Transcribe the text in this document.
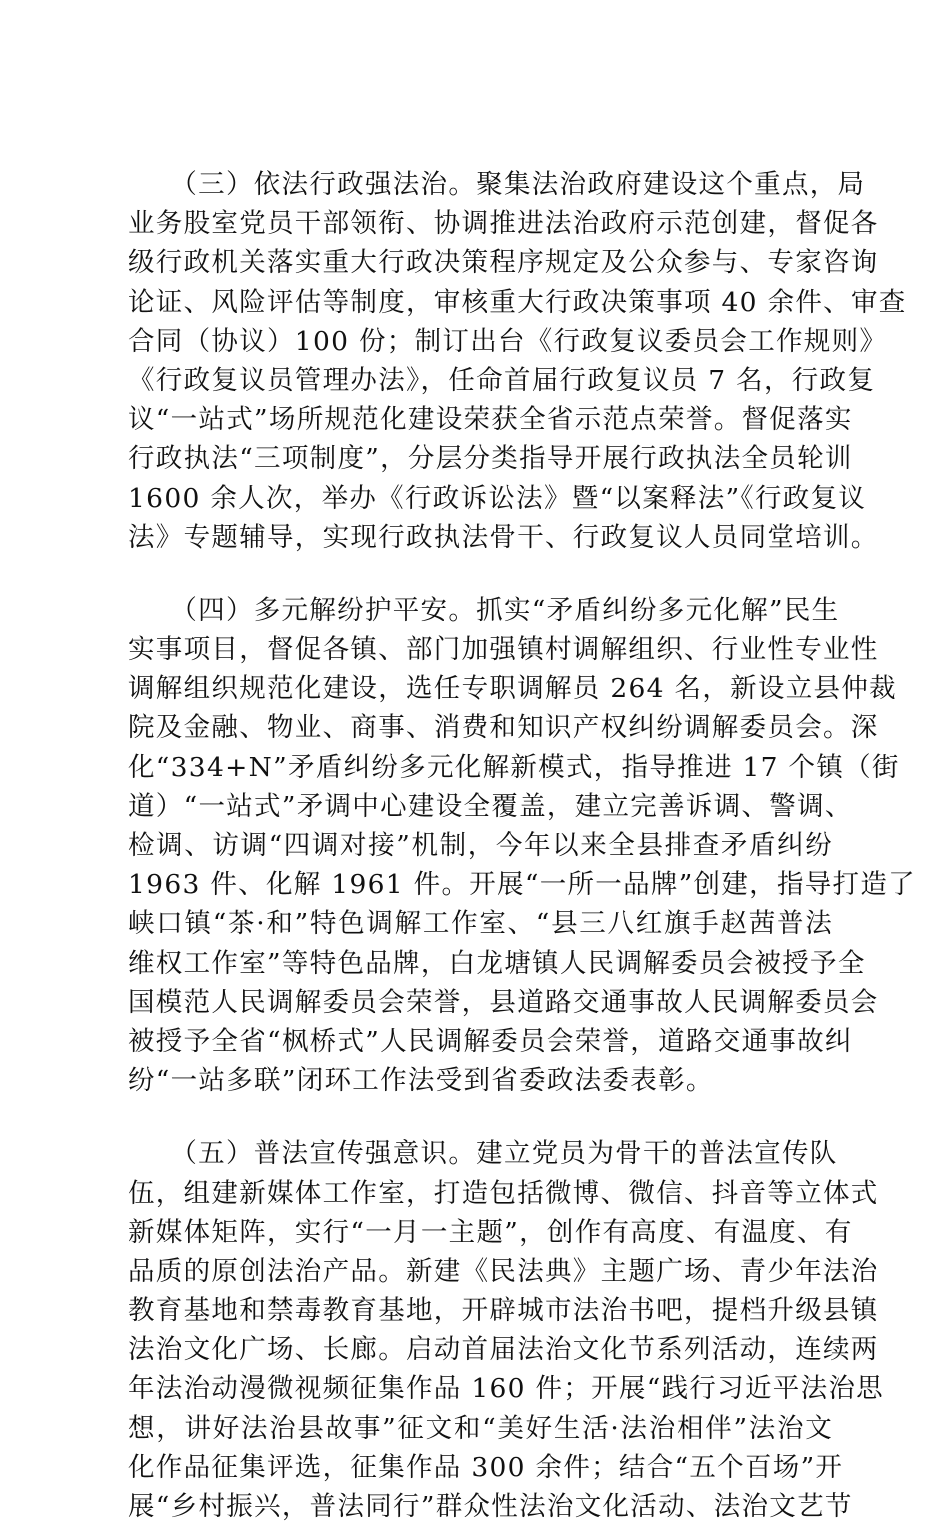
　　（三）依法行政强法治。聚集法治政府建设这个重点，局
业务股室党员干部领衔、协调推进法治政府示范创建，督促各
级行政机关落实重大行政决策程序规定及公众参与、专家咨询
论证、风险评估等制度，审核重大行政决策事项 40 余件、审查
合同（协议）100 份；制订出台《行政复议委员会工作规则》
《行政复议员管理办法》，任命首届行政复议员 7 名，行政复
议“一站式”场所规范化建设荣获全省示范点荣誉。督促落实
行政执法“三项制度”，分层分类指导开展行政执法全员轮训
1600 余人次，举办《行政诉讼法》暨“以案释法”《行政复议
法》专题辅导，实现行政执法骨干、行政复议人员同堂培训。
　　（四）多元解纷护平安。抓实“矛盾纠纷多元化解”民生
实事项目，督促各镇、部门加强镇村调解组织、行业性专业性
调解组织规范化建设，选任专职调解员 264 名，新设立县仲裁
院及金融、物业、商事、消费和知识产权纠纷调解委员会。深
化“334+N”矛盾纠纷多元化解新模式，指导推进 17 个镇（街
道）“一站式”矛调中心建设全覆盖，建立完善诉调、警调、
检调、访调“四调对接”机制，今年以来全县排查矛盾纠纷
1963 件、化解 1961 件。开展“一所一品牌”创建，指导打造了
峡口镇“茶·和”特色调解工作室、“县三八红旗手赵茜普法
维权工作室”等特色品牌，白龙塘镇人民调解委员会被授予全
国模范人民调解委员会荣誉，县道路交通事故人民调解委员会
被授予全省“枫桥式”人民调解委员会荣誉，道路交通事故纠
纷“一站多联”闭环工作法受到省委政法委表彰。
　　（五）普法宣传强意识。建立党员为骨干的普法宣传队
伍，组建新媒体工作室，打造包括微博、微信、抖音等立体式
新媒体矩阵，实行“一月一主题”，创作有高度、有温度、有
品质的原创法治产品。新建《民法典》主题广场、青少年法治
教育基地和禁毒教育基地，开辟城市法治书吧，提档升级县镇
法治文化广场、长廊。启动首届法治文化节系列活动，连续两
年法治动漫微视频征集作品 160 件；开展“践行习近平法治思
想，讲好法治县故事”征文和“美好生活·法治相伴”法治文
化作品征集评选，征集作品 300 余件；结合“五个百场”开
展“乡村振兴，普法同行”群众性法治文化活动、法治文艺节
